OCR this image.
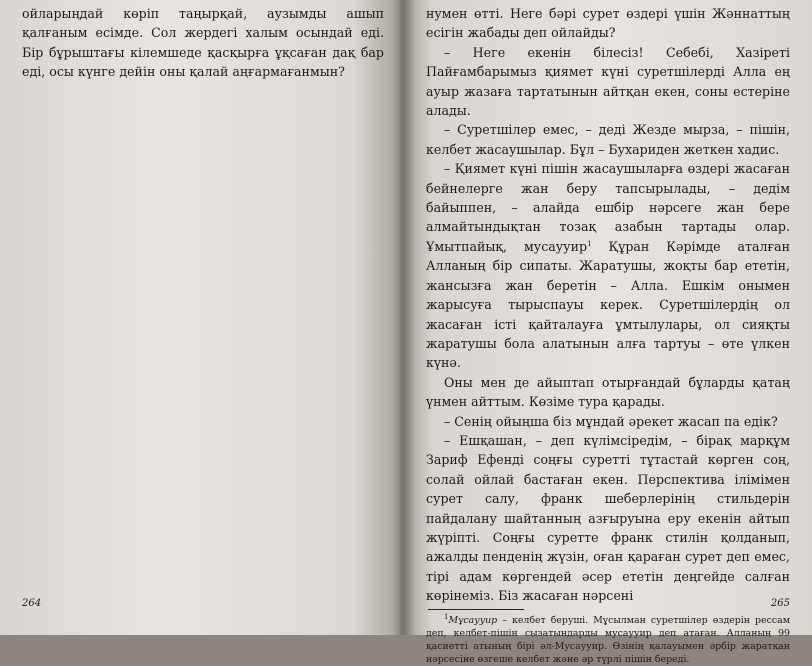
ойларыңдай көріп таңырқай, аузымды ашып қалғаным есімде. Сол жердегі халым осындай еді. Бір бұрыштағы кілемшеде қасқырға ұқсаған дақ бар еді, осы күнге дейін оны қалай аңғармағанмын?

264

нумен өтті. Неге бәрі сурет өздері үшін Жәннаттың есігін жабады деп ойлайды?

– Неге екенін білесіз! Себебі, Хазіреті Пайғамбарымыз қиямет күні суретшілерді Алла ең ауыр жазаға тартатынын айтқан екен, соны естеріне алады.

– Суретшілер емес, – деді Жезде мырза, – пішін, келбет жасаушылар. Бұл – Бухариден жеткен хадис.

– Қиямет күні пішін жасаушыларға өздері жасаған бейнелерге жан беру тапсырылады, – дедім байыппен, – алайда ешбір нәрсеге жан бере алмайтындықтан тозақ азабын тартады олар. Ұмытпайық, мусаууир$^1$ Құран Кәрімде аталған Алланың бір сипаты. Жаратушы, жоқты бар ететін, жансызға жан беретін – Алла. Ешкім онымен жарысуға тырыспауы керек. Суретшілердің ол жасаған істі қайталауға ұмтылулары, ол сияқты жаратушы бола алатынын алға тартуы – өте үлкен күнә.

Оны мен де айыптап отырғандай бұларды қатаң үнмен айттым. Көзіме тура қарады.

– Сенің ойыңша біз мұндай әрекет жасап па едік?

– Ешқашан, – деп күлімсіредім, – бірақ марқұм Зариф Ефенді соңғы суретті тұтастай көрген соң, солай ойлай бастаған екен. Перспектива ілімімен сурет салу, франк шеберлерінің стильдерін пайдалану шайтанның азғыруына еру екенін айтып жүріпті. Соңғы суретте франк стилін қолданып, ажалды пенденің жүзін, оған қараған сурет деп емес, тірі адам көргендей әсер ететін деңгейде салған көрінеміз. Біз жасаған нәрсені

$^1$Мұсаууир – келбет беруші. Мұсылман суретшілер өздерін рессам деп, келбет-пішін сызатындарды мусаууир деп атаған. Алланың 99 қасиетті атының бірі әл-Мусаууир. Өзінің қалауымен әрбір жаратқан нәрсесіне өзгеше келбет және әр түрлі пішін береді.
265
